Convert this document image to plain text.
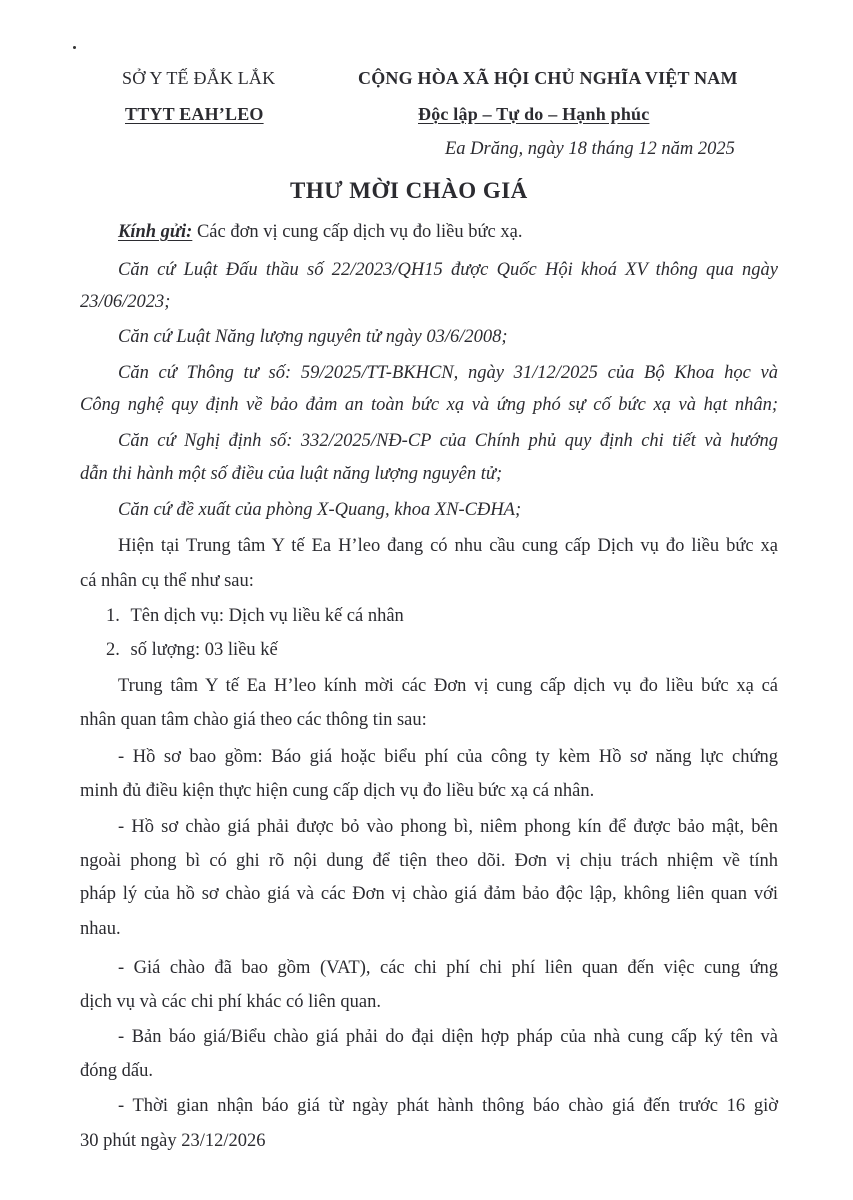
SỞ Y TẾ ĐẮK LẮK
TTYT EAH’LEO
CỘNG HÒA XÃ HỘI CHỦ NGHĨA VIỆT NAM
Độc lập – Tự do – Hạnh phúc
Ea Drăng, ngày 18 tháng 12 năm 2025
THƯ MỜI CHÀO GIÁ
Kính gửi: Các đơn vị cung cấp dịch vụ đo liều bức xạ.
Căn cứ Luật Đấu thầu số 22/2023/QH15 được Quốc Hội khoá XV thông qua ngày
23/06/2023;
Căn cứ Luật Năng lượng nguyên tử ngày 03/6/2008;
Căn cứ Thông tư số: 59/2025/TT-BKHCN, ngày 31/12/2025 của Bộ Khoa học và
Công nghệ quy định về bảo đảm an toàn bức xạ và ứng phó sự cố bức xạ và hạt nhân;
Căn cứ Nghị định số: 332/2025/NĐ-CP của Chính phủ quy định chi tiết và hướng
dẫn thi hành một số điều của luật năng lượng nguyên tử;
Căn cứ đề xuất của phòng X-Quang, khoa XN-CĐHA;
Hiện tại Trung tâm Y tế Ea H’leo đang có nhu cầu cung cấp Dịch vụ đo liều bức xạ
cá nhân cụ thể như sau:
1. Tên dịch vụ: Dịch vụ liều kế cá nhân
2. số lượng: 03 liều kế
Trung tâm Y tế Ea H’leo kính mời các Đơn vị cung cấp dịch vụ đo liều bức xạ cá
nhân quan tâm chào giá theo các thông tin sau:
- Hồ sơ bao gồm: Báo giá hoặc biểu phí của công ty kèm Hồ sơ năng lực chứng
minh đủ điều kiện thực hiện cung cấp dịch vụ đo liều bức xạ cá nhân.
- Hồ sơ chào giá phải được bỏ vào phong bì, niêm phong kín để được bảo mật, bên
ngoài phong bì có ghi rõ nội dung để tiện theo dõi. Đơn vị chịu trách nhiệm về tính
pháp lý của hồ sơ chào giá và các Đơn vị chào giá đảm bảo độc lập, không liên quan với
nhau.
- Giá chào đã bao gồm (VAT), các chi phí chi phí liên quan đến việc cung ứng
dịch vụ và các chi phí khác có liên quan.
- Bản báo giá/Biểu chào giá phải do đại diện hợp pháp của nhà cung cấp ký tên và
đóng dấu.
- Thời gian nhận báo giá từ ngày phát hành thông báo chào giá đến trước 16 giờ
30 phút ngày 23/12/2026
